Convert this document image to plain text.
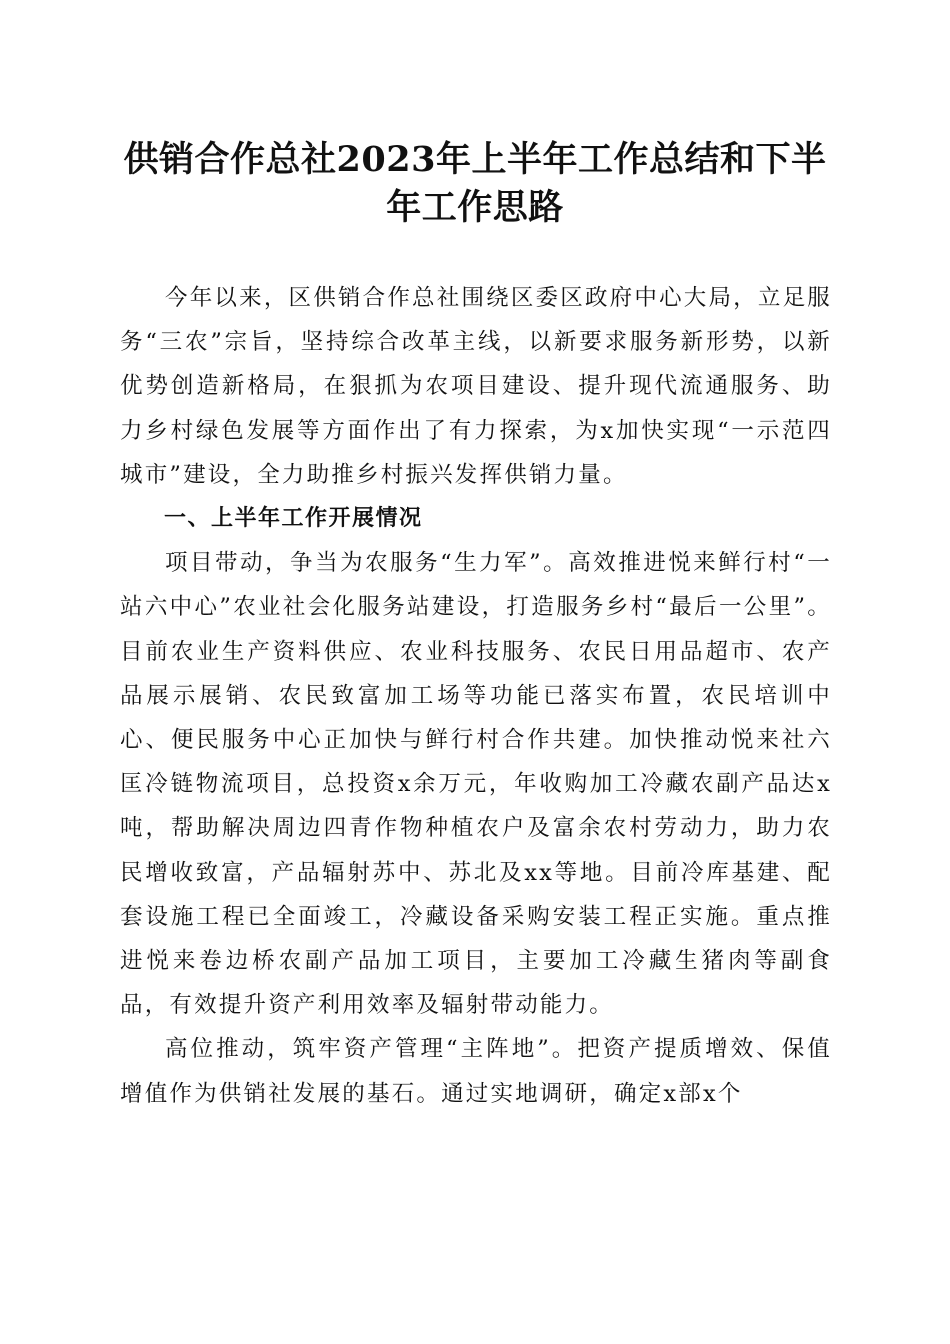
供销合作总社2023年上半年工作总结和下半年工作思路

今年以来，区供销合作总社围绕区委区政府中心大局，立足服务“三农”宗旨，坚持综合改革主线，以新要求服务新形势，以新优势创造新格局，在狠抓为农项目建设、提升现代流通服务、助力乡村绿色发展等方面作出了有力探索，为x加快实现“一示范四城市”建设，全力助推乡村振兴发挥供销力量。

一、上半年工作开展情况

项目带动，争当为农服务“生力军”。高效推进悦来鲜行村“一站六中心”农业社会化服务站建设，打造服务乡村“最后一公里”。目前农业生产资料供应、农业科技服务、农民日用品超市、农产品展示展销、农民致富加工场等功能已落实布置，农民培训中心、便民服务中心正加快与鲜行村合作共建。加快推动悦来社六匡冷链物流项目，总投资x余万元，年收购加工冷藏农副产品达x吨，帮助解决周边四青作物种植农户及富余农村劳动力，助力农民增收致富，产品辐射苏中、苏北及xx等地。目前冷库基建、配套设施工程已全面竣工，冷藏设备采购安装工程正实施。重点推进悦来卷边桥农副产品加工项目，主要加工冷藏生猪肉等副食品，有效提升资产利用效率及辐射带动能力。

高位推动，筑牢资产管理“主阵地”。把资产提质增效、保值增值作为供销社发展的基石。通过实地调研，确定x部x个
